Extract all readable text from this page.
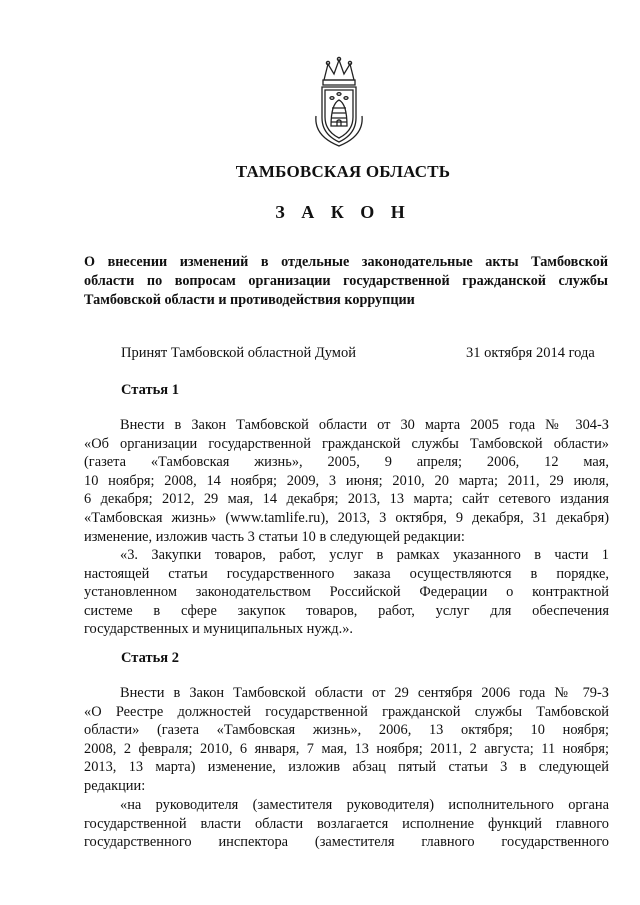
ТАМБОВСКАЯ ОБЛАСТЬ
З А К О Н
О внесении изменений в отдельные законодательные акты Тамбовской
области по вопросам организации государственной гражданской службы
Тамбовской области и противодействия коррупции
Принят Тамбовской областной Думой	31 октября 2014 года
Статья 1
Внести в Закон Тамбовской области от 30 марта 2005 года № 304-З
«Об организации государственной гражданской службы Тамбовской области»
(газета «Тамбовская жизнь», 2005, 9 апреля; 2006, 12 мая,
10 ноября; 2008, 14 ноября; 2009, 3 июня; 2010, 20 марта; 2011, 29 июля,
6 декабря; 2012, 29 мая, 14 декабря; 2013, 13 марта; сайт сетевого издания
«Тамбовская жизнь» (www.tamlife.ru), 2013, 3 октября, 9 декабря, 31 декабря)
изменение, изложив часть 3 статьи 10 в следующей редакции:
«3. Закупки товаров, работ, услуг в рамках указанного в части 1
настоящей статьи государственного заказа осуществляются в порядке,
установленном законодательством Российской Федерации о контрактной
системе в сфере закупок товаров, работ, услуг для обеспечения
государственных и муниципальных нужд.».
Статья 2
Внести в Закон Тамбовской области от 29 сентября 2006 года № 79-З
«О Реестре должностей государственной гражданской службы Тамбовской
области» (газета «Тамбовская жизнь», 2006, 13 октября; 10 ноября;
2008, 2 февраля; 2010, 6 января, 7 мая, 13 ноября; 2011, 2 августа; 11 ноября;
2013, 13 марта) изменение, изложив абзац пятый статьи 3 в следующей
редакции:
«на руководителя (заместителя руководителя) исполнительного органа
государственной власти области возлагается исполнение функций главного
государственного инспектора (заместителя главного государственного
